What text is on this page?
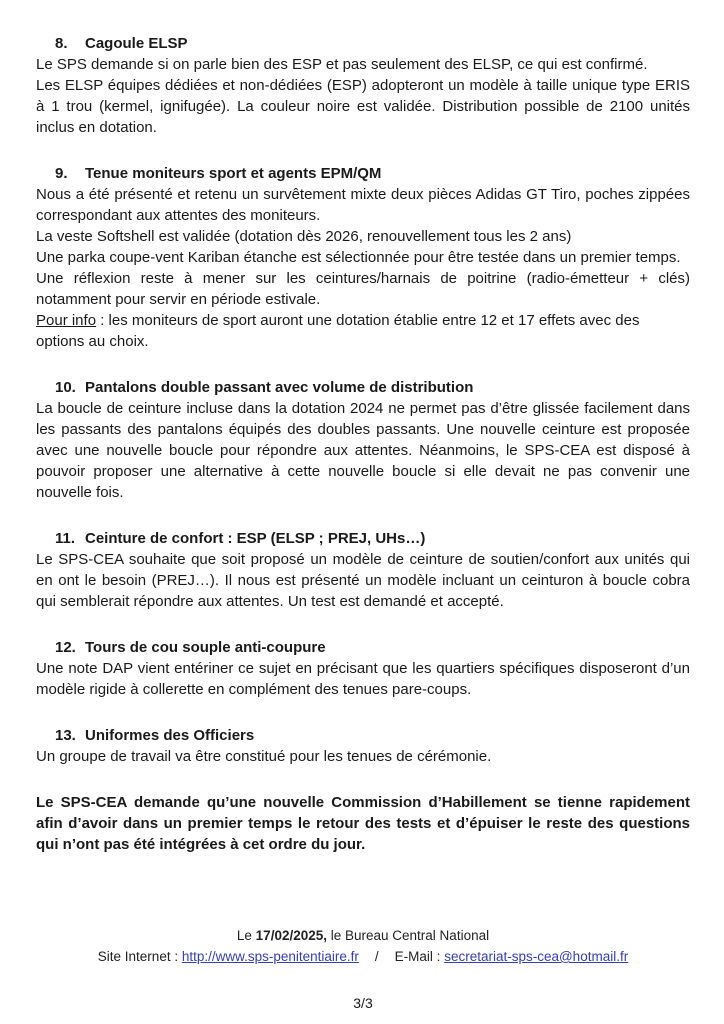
8. Cagoule ELSP

Le SPS demande si on parle bien des ESP et pas seulement des ELSP, ce qui est confirmé.

Les ELSP équipes dédiées et non-dédiées (ESP) adopteront un modèle à taille unique type ERIS à 1 trou (kermel, ignifugée). La couleur noire est validée. Distribution possible de 2100 unités inclus en dotation.

9. Tenue moniteurs sport et agents EPM/QM

Nous a été présenté et retenu un survêtement mixte deux pièces Adidas GT Tiro, poches zippées correspondant aux attentes des moniteurs.

La veste Softshell est validée (dotation dès 2026, renouvellement tous les 2 ans)

Une parka coupe-vent Kariban étanche est sélectionnée pour être testée dans un premier temps.

Une réflexion reste à mener sur les ceintures/harnais de poitrine (radio-émetteur + clés) notamment pour servir en période estivale.

Pour info : les moniteurs de sport auront une dotation établie entre 12 et 17 effets avec des options au choix.

10. Pantalons double passant avec volume de distribution

La boucle de ceinture incluse dans la dotation 2024 ne permet pas d’être glissée facilement dans les passants des pantalons équipés des doubles passants. Une nouvelle ceinture est proposée avec une nouvelle boucle pour répondre aux attentes. Néanmoins, le SPS-CEA est disposé à pouvoir proposer une alternative à cette nouvelle boucle si elle devait ne pas convenir une nouvelle fois.

11. Ceinture de confort : ESP (ELSP ; PREJ, UHs…)

Le SPS-CEA souhaite que soit proposé un modèle de ceinture de soutien/confort aux unités qui en ont le besoin (PREJ…). Il nous est présenté un modèle incluant un ceinturon à boucle cobra qui semblerait répondre aux attentes. Un test est demandé et accepté.

12. Tours de cou souple anti-coupure

Une note DAP vient entériner ce sujet en précisant que les quartiers spécifiques disposeront d’un modèle rigide à collerette en complément des tenues pare-coups.

13. Uniformes des Officiers

Un groupe de travail va être constitué pour les tenues de cérémonie.

Le SPS-CEA demande qu’une nouvelle Commission d’Habillement se tienne rapidement afin d’avoir dans un premier temps le retour des tests et d’épuiser le reste des questions qui n’ont pas été intégrées à cet ordre du jour.

Le 17/02/2025, le Bureau Central National
Site Internet : http://www.sps-penitentiaire.fr / E-Mail : secretariat-sps-cea@hotmail.fr
3/3
